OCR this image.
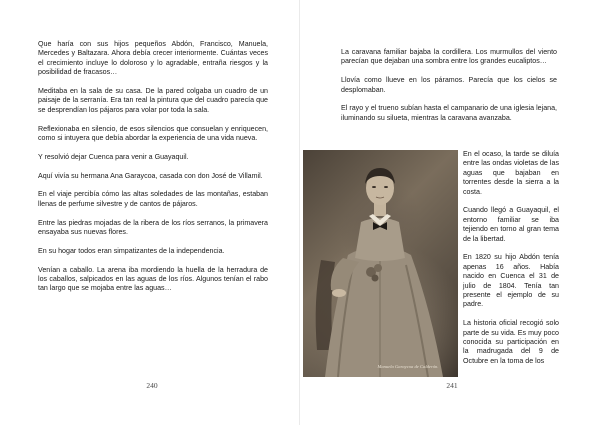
Que haría con sus hijos pequeños Abdón, Francisco, Manuela, Mercedes y Baltazara. Ahora debía crecer interiormente. Cuántas veces el crecimiento incluye lo doloroso y lo agradable, entraña riesgos y la posibilidad de fracasos…

Meditaba en la sala de su casa. De la pared colgaba un cuadro de un paisaje de la serranía. Era tan real la pintura que del cuadro parecía que se desprendían los pájaros para volar por toda la sala.

Reflexionaba en silencio, de esos silencios que consuelan y enriquecen, como si intuyera que debía abordar la experiencia de una vida nueva.

Y resolvió dejar Cuenca para venir a Guayaquil.

Aquí vivía su hermana Ana Garaycoa, casada con don José de Villamil.

En el viaje percibía cómo las altas soledades de las montañas, estaban llenas de perfume silvestre y de cantos de pájaros.

Entre las piedras mojadas de la ribera de los ríos serranos, la primavera ensayaba sus nuevas flores.

En su hogar todos eran simpatizantes de la independencia.

Venían a caballo. La arena iba mordiendo la huella de la herradura de los caballos, salpicados en las aguas de los ríos. Algunos tenían el rabo tan largo que se mojaba entre las aguas…

240

La caravana familiar bajaba la cordillera. Los murmullos del viento parecían que dejaban una sombra entre los grandes eucaliptos…

Llovía como llueve en los páramos. Parecía que los cielos se desplomaban.

El rayo y el trueno subían hasta el campanario de una iglesia lejana, iluminando su silueta, mientras la caravana avanzaba.

Manuela Garaycoa de Calderón.

En el ocaso, la tarde se diluía entre las ondas violetas de las aguas que bajaban en torrentes desde la sierra a la costa.

Cuando llegó a Guayaquil, el entorno familiar se iba tejiendo en torno al gran tema de la libertad.

En 1820 su hijo Abdón tenía apenas 16 años. Había nacido en Cuenca el 31 de julio de 1804. Tenía tan presente el ejemplo de su padre.

La historia oficial recogió solo parte de su vida. Es muy poco conocida su participación en la madrugada del 9 de Octubre en la toma de los

241
